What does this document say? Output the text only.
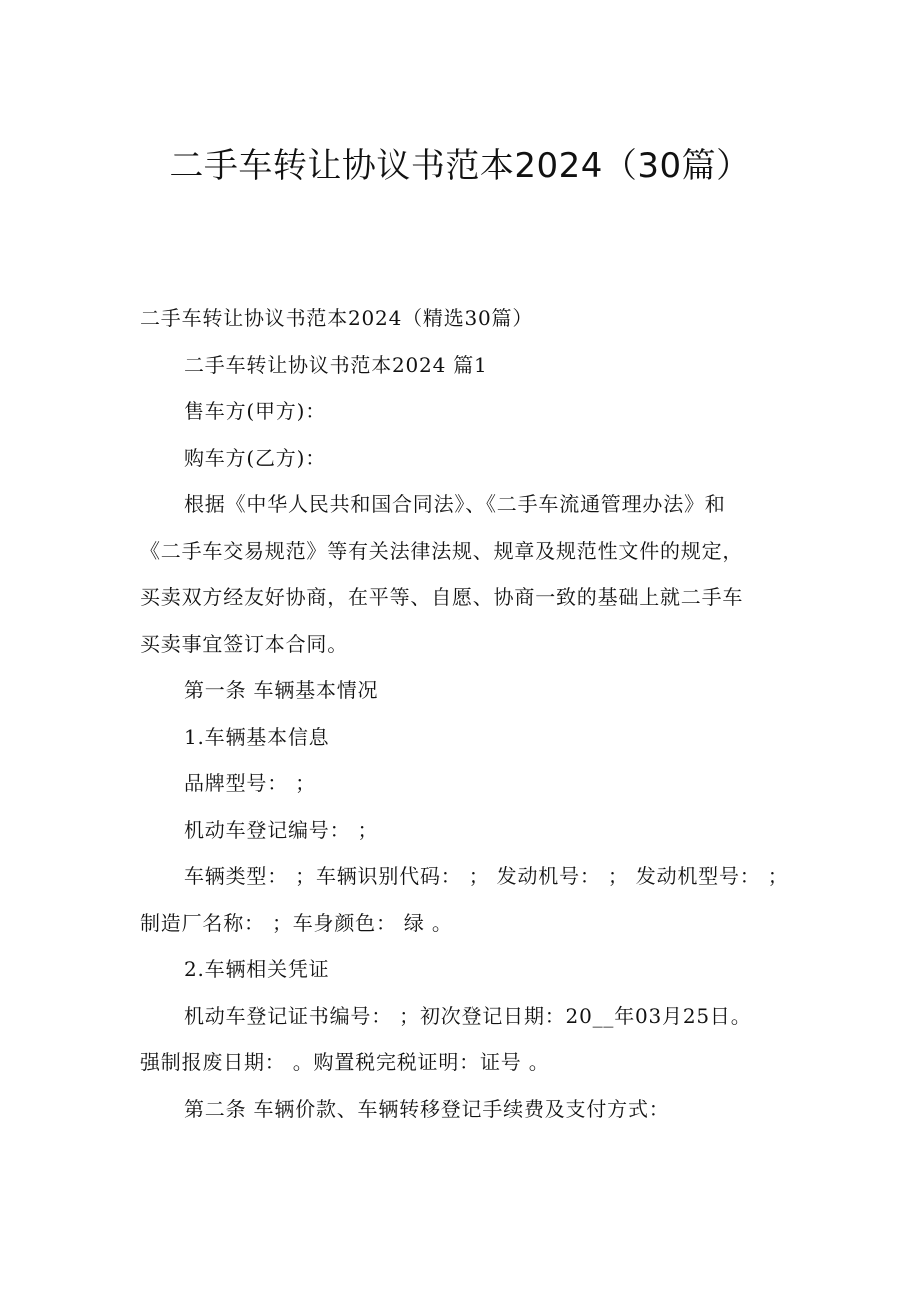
二手车转让协议书范本2024（30篇）

二手车转让协议书范本2024（精选30篇）

二手车转让协议书范本2024 篇1

售车方(甲方)：

购车方(乙方)：

根据《中华人民共和国合同法》、《二手车流通管理办法》和

《二手车交易规范》等有关法律法规、规章及规范性文件的规定，

买卖双方经友好协商，在平等、自愿、协商一致的基础上就二手车

买卖事宜签订本合同。

第一条 车辆基本情况

1.车辆基本信息

品牌型号： ；

机动车登记编号： ；

车辆类型： ；车辆识别代码： ； 发动机号： ； 发动机型号： ；

制造厂名称： ；车身颜色： 绿 。

2.车辆相关凭证

机动车登记证书编号： ；初次登记日期：20__年03月25日。

强制报废日期： 。购置税完税证明：证号 。

第二条 车辆价款、车辆转移登记手续费及支付方式：
